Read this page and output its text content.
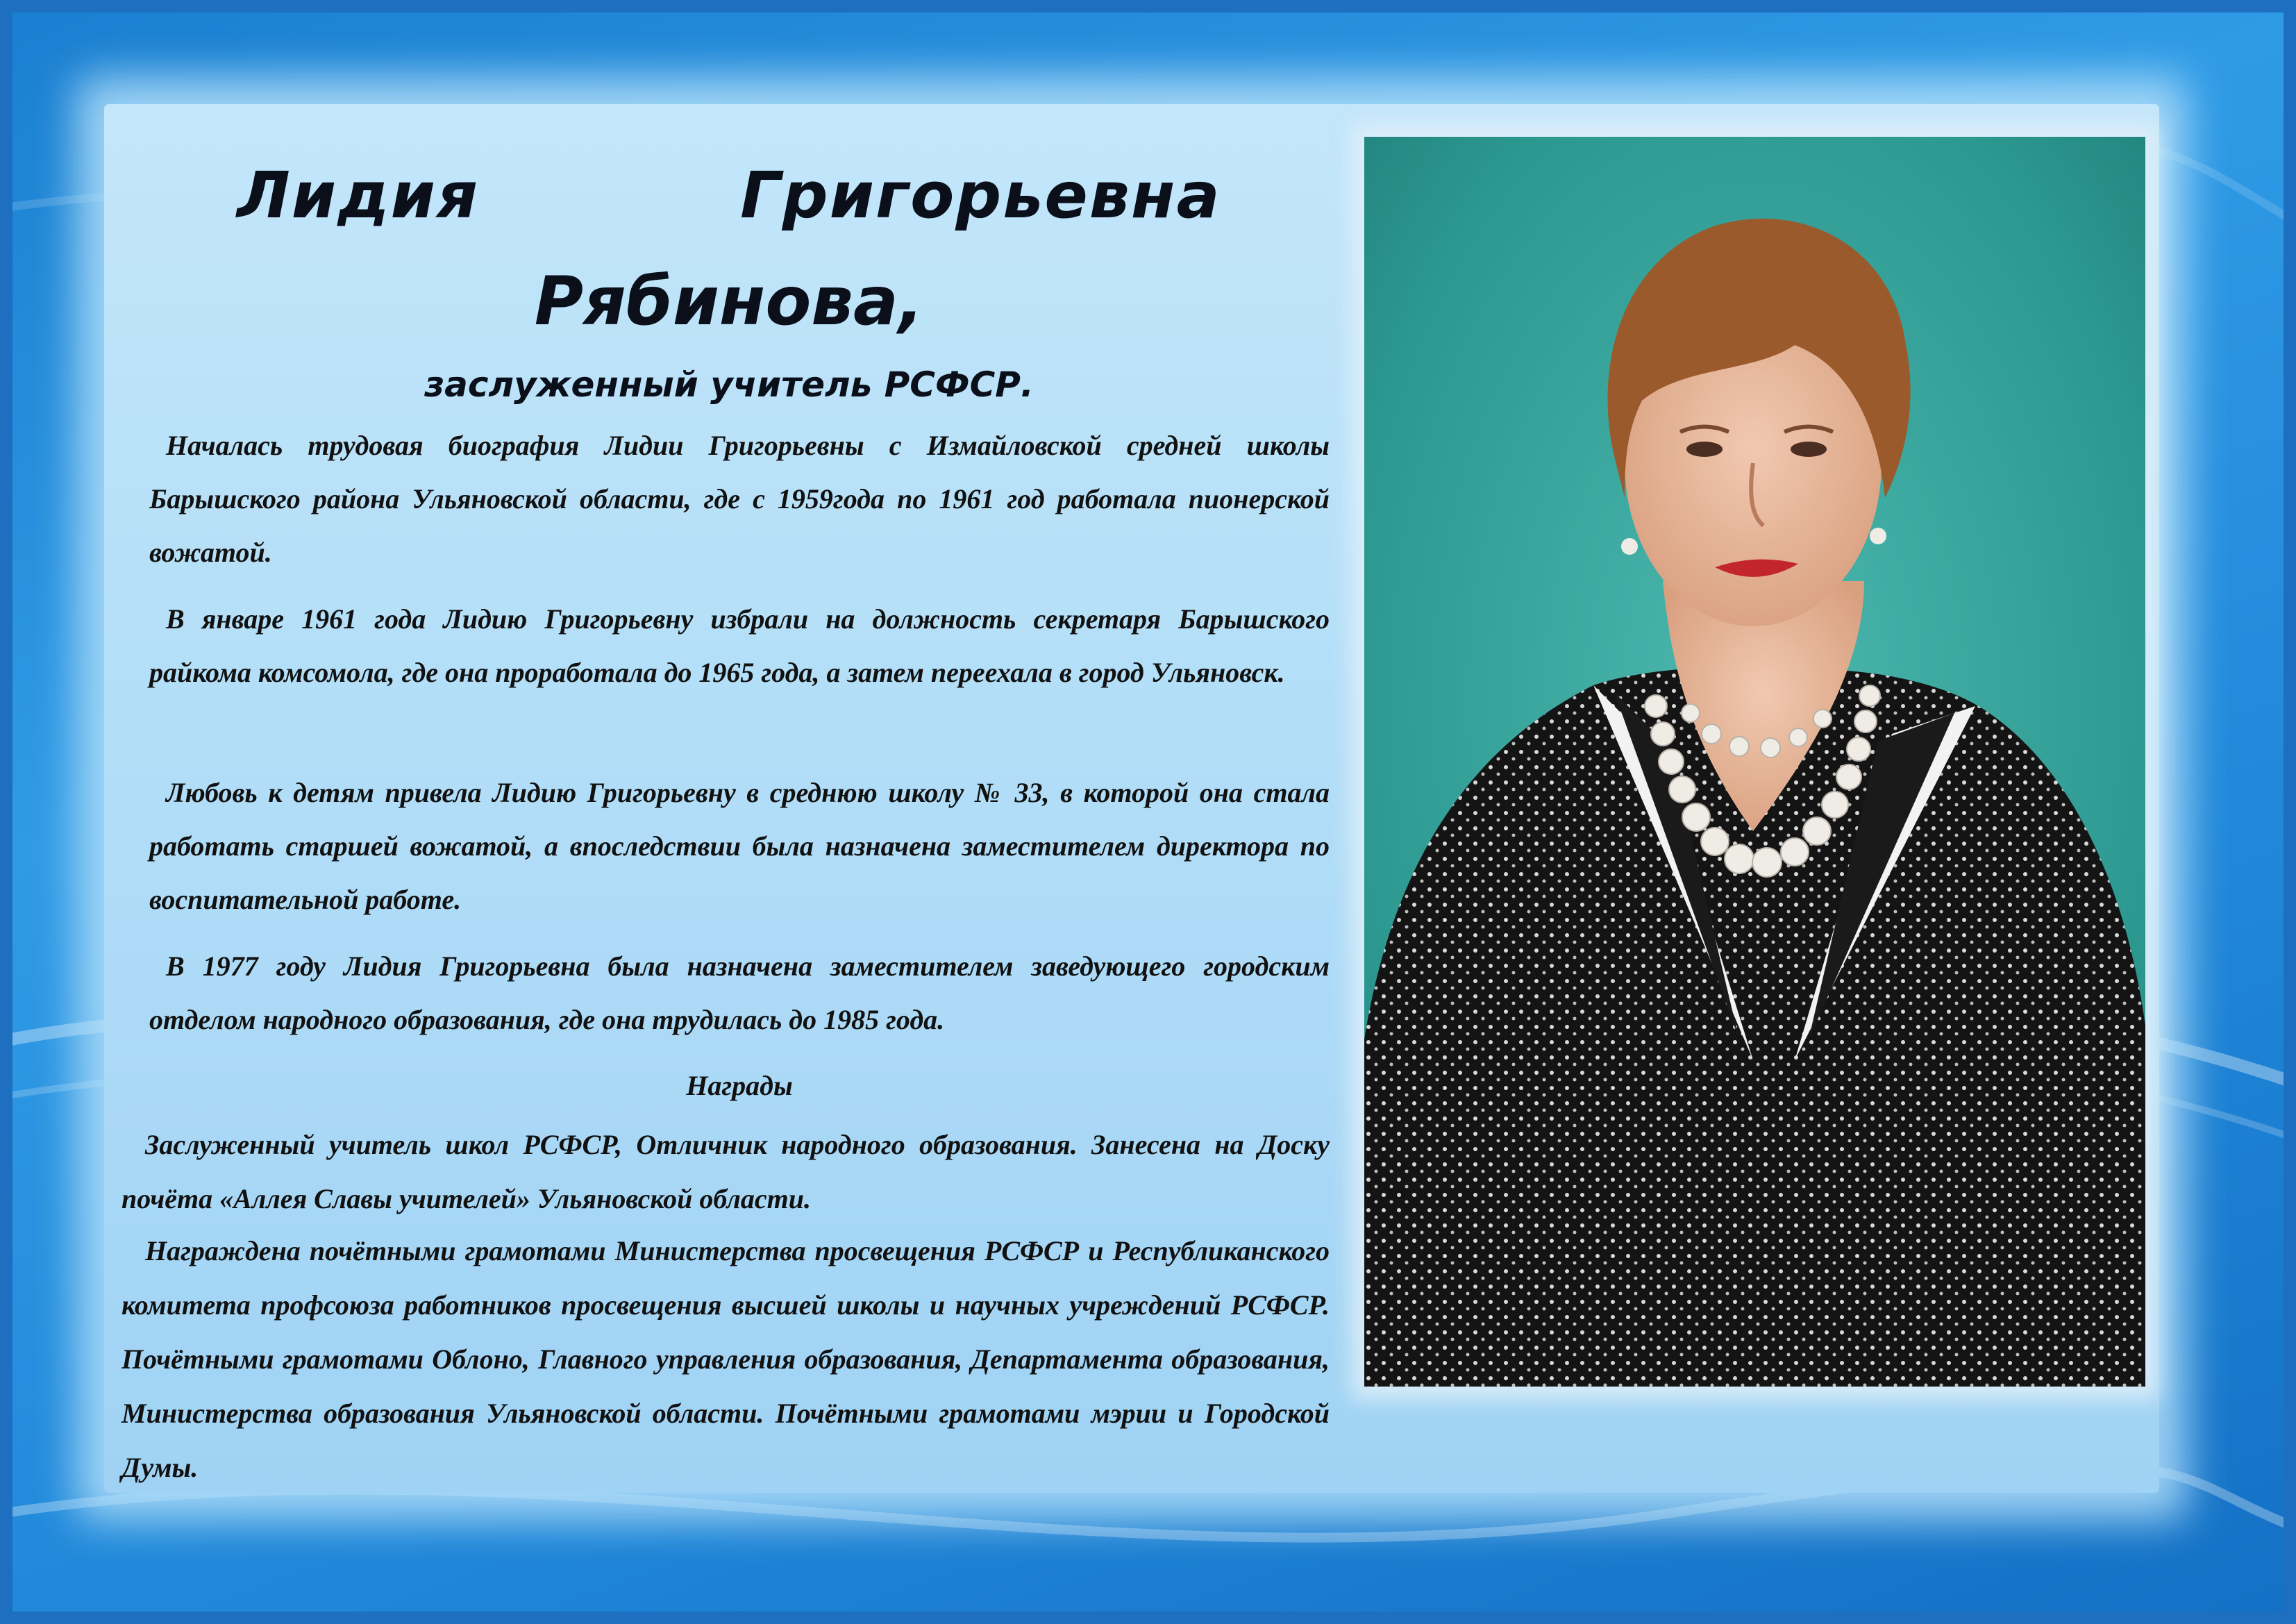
Лидия    Григорьевна
Рябинова,
заслуженный учитель РСФСР.

Началась трудовая биография Лидии Григорьевны с Измайловской средней школы Барышского района Ульяновской области, где с 1959года по 1961 год работала пионерской вожатой.

В январе 1961 года Лидию Григорьевну избрали на должность секретаря Барышского райкома комсомола, где она проработала до 1965 года, а затем переехала в город Ульяновск.

Любовь к детям привела Лидию Григорьевну в среднюю школу № 33, в которой она стала работать старшей вожатой, а впоследствии была назначена заместителем директора по воспитательной работе.

В 1977 году Лидия Григорьевна была назначена заместителем заведующего городским отделом народного образования, где она трудилась до 1985 года.

Награды

Заслуженный учитель школ РСФСР, Отличник народного образования. Занесена на Доску почёта «Аллея Славы учителей» Ульяновской области.

Награждена почётными грамотами Министерства просвещения РСФСР и Республиканского комитета профсоюза работников просвещения высшей школы и научных учреждений РСФСР. Почётными грамотами Облоно, Главного управления образования, Департамента образования, Министерства образования Ульяновской области. Почётными грамотами мэрии и Городской Думы.
